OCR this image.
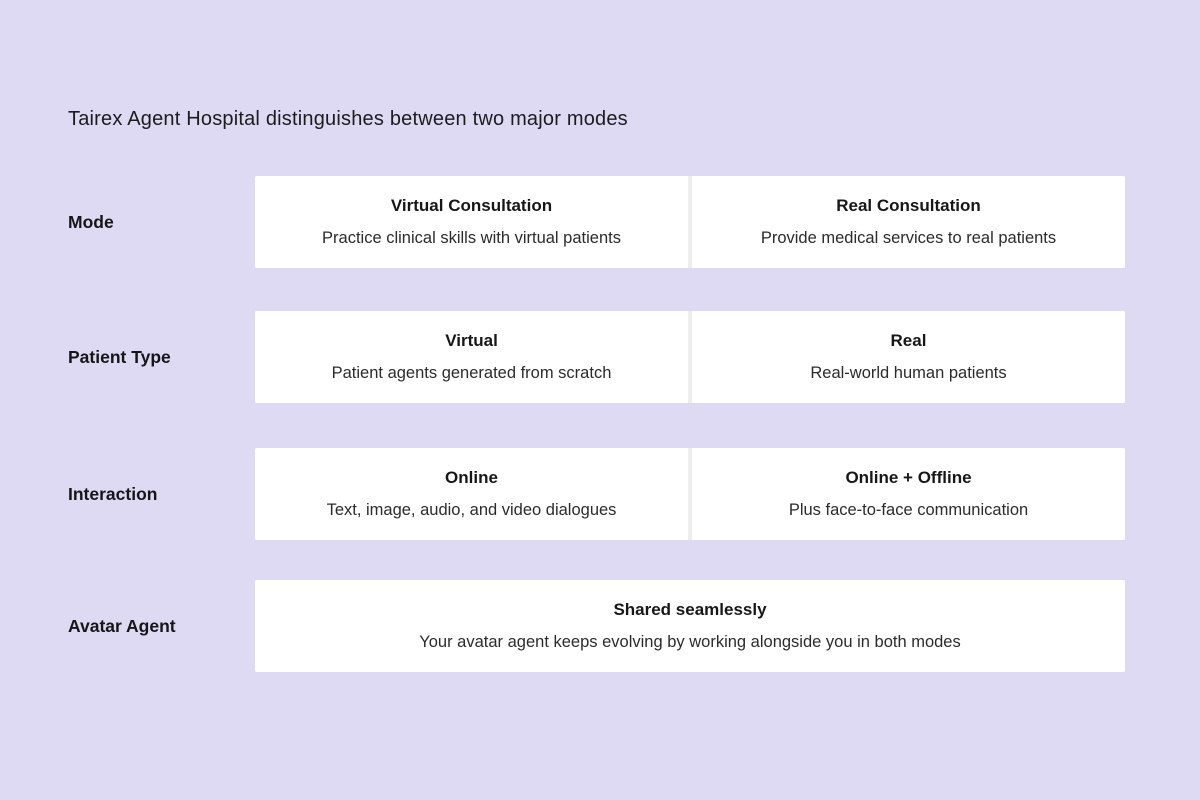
Tairex Agent Hospital distinguishes between two major modes
Mode
Virtual Consultation
Practice clinical skills with virtual patients
Real Consultation
Provide medical services to real patients
Patient Type
Virtual
Patient agents generated from scratch
Real
Real-world human patients
Interaction
Online
Text, image, audio, and video dialogues
Online + Offline
Plus face-to-face communication
Avatar Agent
Shared seamlessly
Your avatar agent keeps evolving by working alongside you in both modes
